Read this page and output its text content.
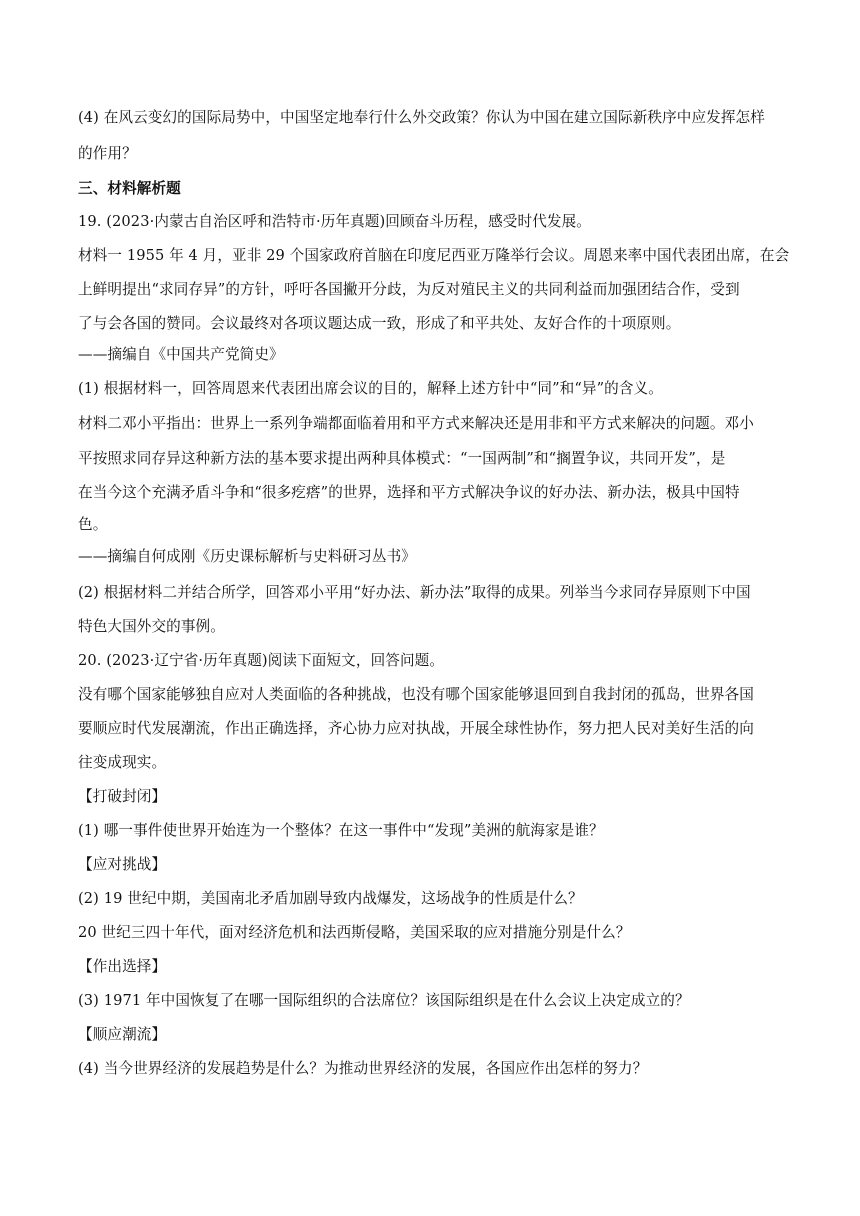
(4) 在风云变幻的国际局势中，中国坚定地奉行什么外交政策？你认为中国在建立国际新秩序中应发挥怎样
的作用？
三、材料解析题
19. (2023·内蒙古自治区呼和浩特市·历年真题)回顾奋斗历程，感受时代发展。
材料一 1955 年 4 月，亚非 29 个国家政府首脑在印度尼西亚万隆举行会议。周恩来率中国代表团出席，在会
上鲜明提出“求同存异”的方针，呼吁各国撇开分歧，为反对殖民主义的共同利益而加强团结合作，受到
了与会各国的赞同。会议最终对各项议题达成一致，形成了和平共处、友好合作的十项原则。
——摘编自《中国共产党简史》
(1) 根据材料一，回答周恩来代表团出席会议的目的，解释上述方针中“同”和“异”的含义。
材料二邓小平指出：世界上一系列争端都面临着用和平方式来解决还是用非和平方式来解决的问题。邓小
平按照求同存异这种新方法的基本要求提出两种具体模式：“一国两制”和“搁置争议，共同开发”，是
在当今这个充满矛盾斗争和“很多疙瘩”的世界，选择和平方式解决争议的好办法、新办法，极具中国特
色。
——摘编自何成刚《历史课标解析与史料研习丛书》
(2) 根据材料二并结合所学，回答邓小平用“好办法、新办法”取得的成果。列举当今求同存异原则下中国
特色大国外交的事例。
20. (2023·辽宁省·历年真题)阅读下面短文，回答问题。
没有哪个国家能够独自应对人类面临的各种挑战，也没有哪个国家能够退回到自我封闭的孤岛，世界各国
要顺应时代发展潮流，作出正确选择，齐心协力应对执战，开展全球性协作，努力把人民对美好生活的向
往变成现实。
【打破封闭】
(1) 哪一事件使世界开始连为一个整体？在这一事件中“发现”美洲的航海家是谁？
【应对挑战】
(2) 19 世纪中期，美国南北矛盾加剧导致内战爆发，这场战争的性质是什么？
20 世纪三四十年代，面对经济危机和法西斯侵略，美国采取的应对措施分别是什么？
【作出选择】
(3) 1971 年中国恢复了在哪一国际组织的合法席位？该国际组织是在什么会议上决定成立的？
【顺应潮流】
(4) 当今世界经济的发展趋势是什么？为推动世界经济的发展，各国应作出怎样的努力？
